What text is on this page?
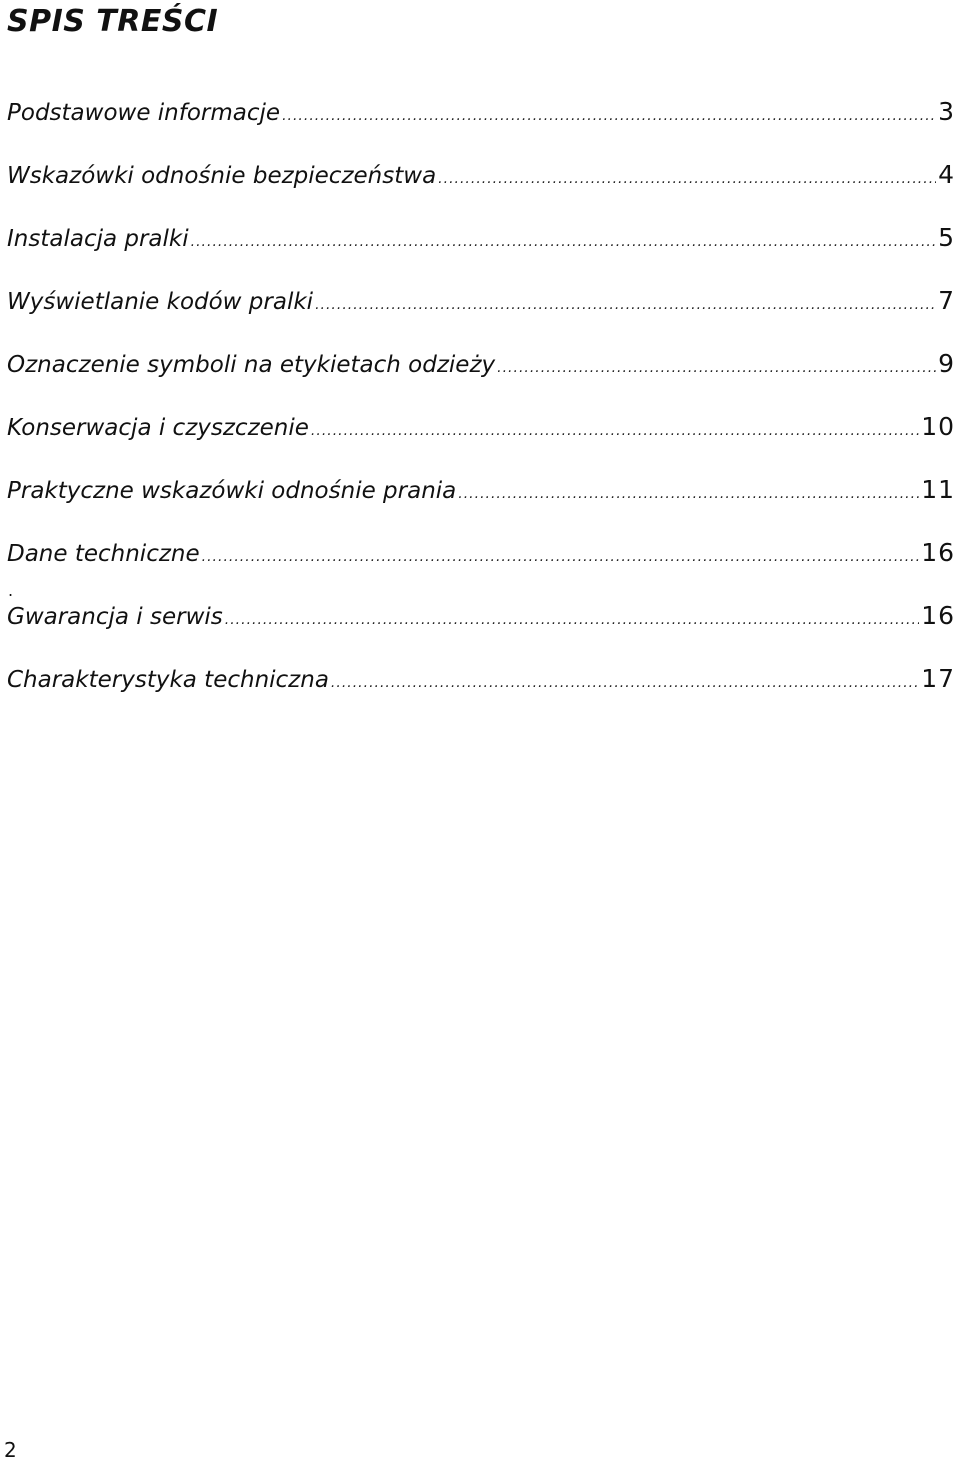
SPIS TREŚCI
Podstawowe informacje .....	3
Wskazówki odnośnie bezpieczeństwa .....	4
Instalacja pralki .....	5
Wyświetlanie kodów pralki .....	7
Oznaczenie symboli na etykietach odzieży .....	9
Konserwacja i czyszczenie .....	10
Praktyczne wskazówki odnośnie prania .....	11
Dane techniczne .....	16
Gwarancja i serwis .....	16
Charakterystyka techniczna .....	17
.
2
